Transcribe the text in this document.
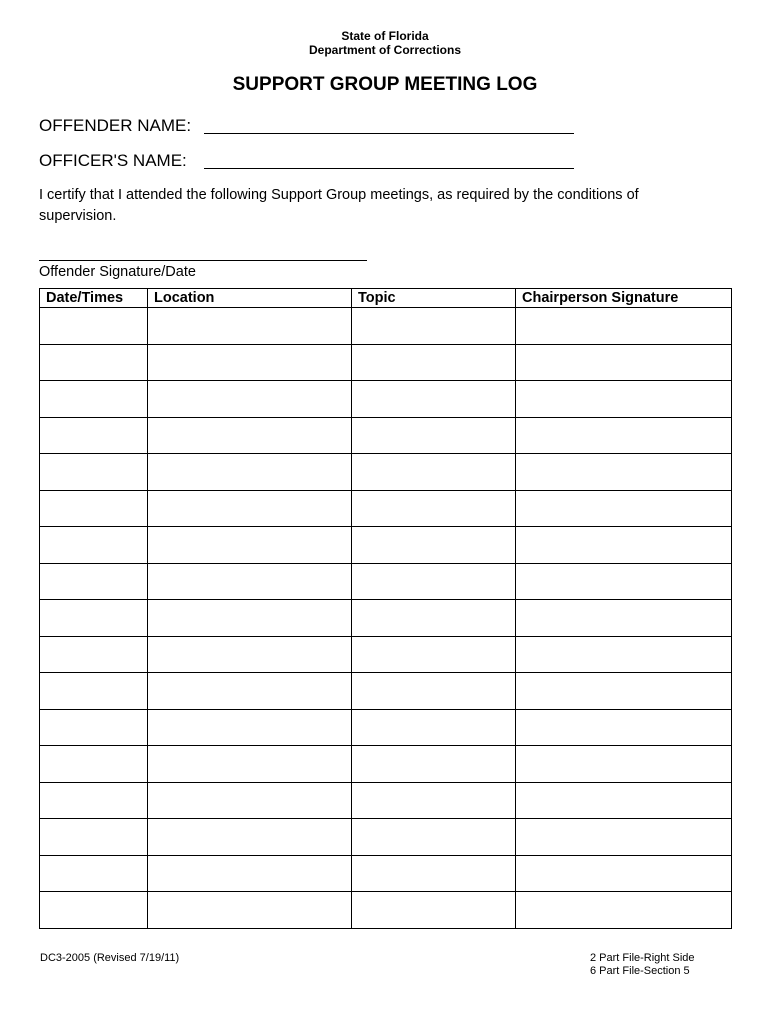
State of Florida
Department of Corrections
SUPPORT GROUP MEETING LOG
OFFENDER NAME:
OFFICER'S NAME:
I certify that I attended the following Support Group meetings, as required by the conditions of supervision.
Offender Signature/Date
Date/Times	Location	Topic	Chairperson Signature

DC3-2005 (Revised 7/19/11)	2 Part File-Right Side
6 Part File-Section 5
